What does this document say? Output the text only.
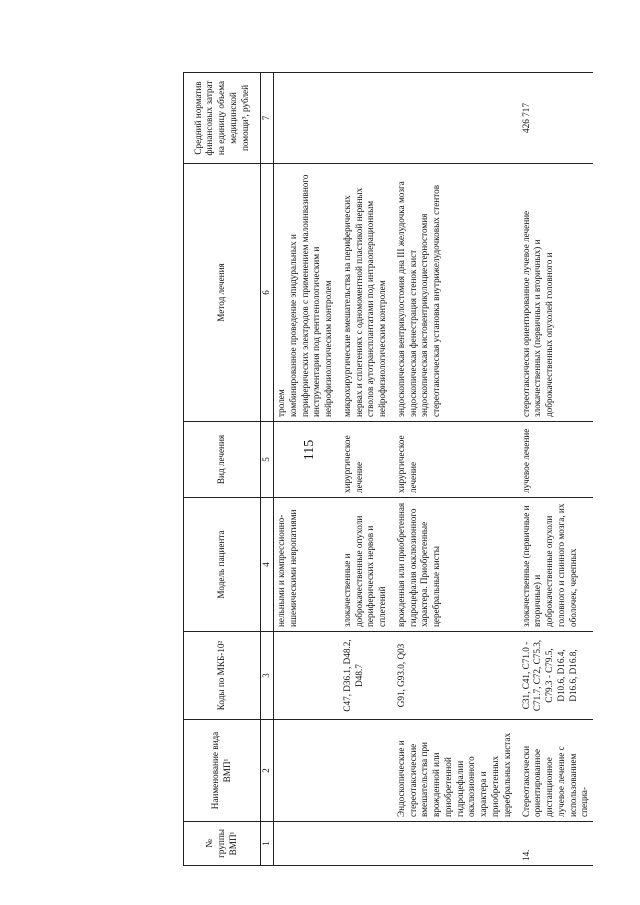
115
№ группы ВМП¹	Наименование вида ВМП¹	Коды по МКБ-10²	Модель пациента	Вид лечения	Метод лечения	Средний норматив финансовых затрат на единицу объема медицинской помощи³, рублей
1	2	3	4	5	6	7
			нельными и компрессионно-ишемическими невропатиями		тролем комбинированное проведение эпидуральных и периферических электродов с применением малоинвазивного инструментария под рентгенологическим и нейрофизиологическим контролем	

		C47, D36.1, D48.2, D48.7	злокачественные и доброкачественные опухоли периферических нервов и сплетений	хирургическое лечение	микрохирургические вмешательства на периферических нервах и сплетениях с одномоментной пластикой нервных стволов аутотрансплантатами под интраоперационным нейрофизиологическим контролем	

	Эндоскопические и стереотаксические вмешательства при врожденной или приобретенной гидроцефалии окклюзионного характера и приобретенных церебральных кистах	G91, G93.0, Q03	врожденная или приобретенная гидроцефалия окклюзионного характера. Приобретенные церебральные кисты	хирургическое лечение	эндоскопическая вентрикулостомия дна III желудочка мозга эндоскопическая фенестрация стенок кист эндоскопическая кистовентрикулоциестерностомия стереотаксическая установка внутрижелудочковых стентов	

14.	Стереотаксически ориентированное дистанционное лучевое лечение с использованием специа-	C31, C41, C71.0 - C71.7, C72, C75.3, C79.3 - C79.5, D10.6, D16.4, D16.6, D16.8,	злокачественные (первичные и вторичные) и доброкачественные опухоли головного и спинного мозга, их оболочек, черепных	лучевое лечение	стереотаксически ориентированное лучевое лечение злокачественных (первичных и вторичных) и доброкачественных опухолей головного и	426 717
